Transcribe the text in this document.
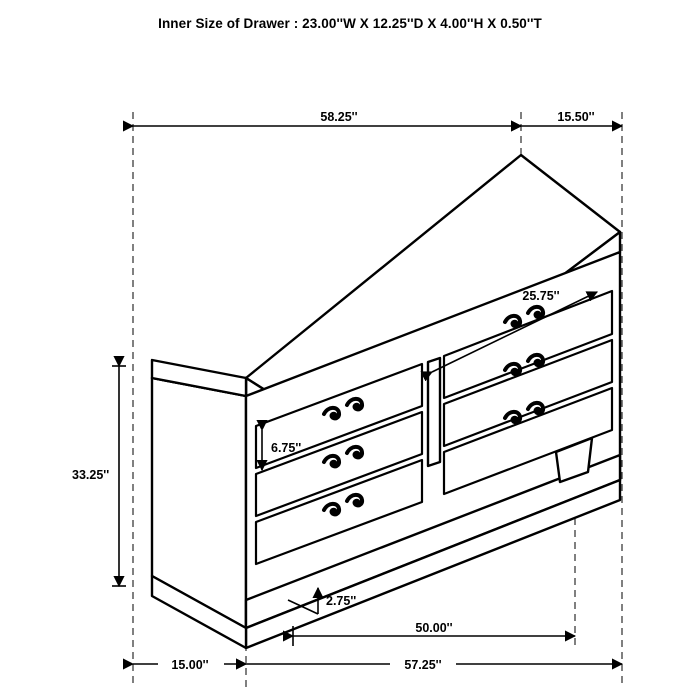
Inner Size of Drawer : 23.00''W X 12.25''D X 4.00''H X 0.50''T
58.25''	15.50''
25.75''
6.75''
33.25''
2.75''
50.00''
15.00''	57.25''
